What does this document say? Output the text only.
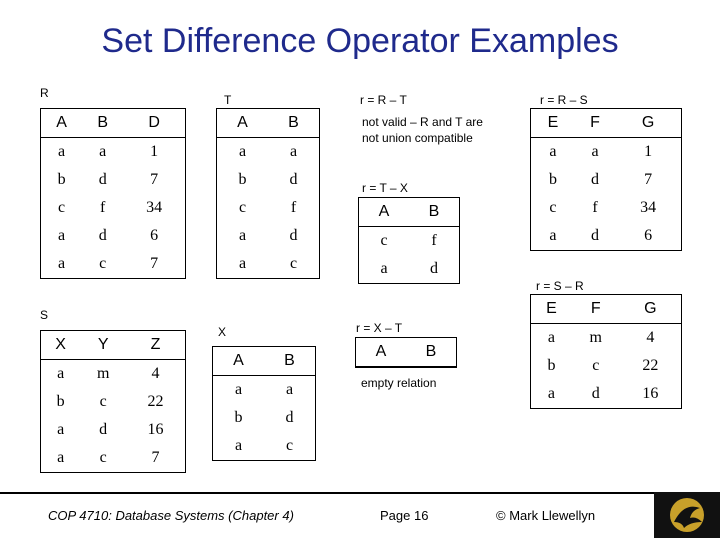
Set Difference Operator Examples
R	T	r = R – T	r = R – S
not valid – R and T are
not union compatible
r = T – X
r = S – R
S
X	r = X – T
empty relation
A	B	D
a	a	1
b	d	7
c	f	34
a	d	6
a	c	7
A	B
a	a
b	d
c	f
a	d
a	c
E	F	G
a	a	1
b	d	7
c	f	34
a	d	6
A	B
c	f
a	d
E	F	G
a	m	4
b	c	22
a	d	16
X	Y	Z
a	m	4
b	c	22
a	d	16
a	c	7
A	B
a	a
b	d
a	c
A	B
COP 4710: Database Systems (Chapter 4)	Page 16	© Mark Llewellyn
